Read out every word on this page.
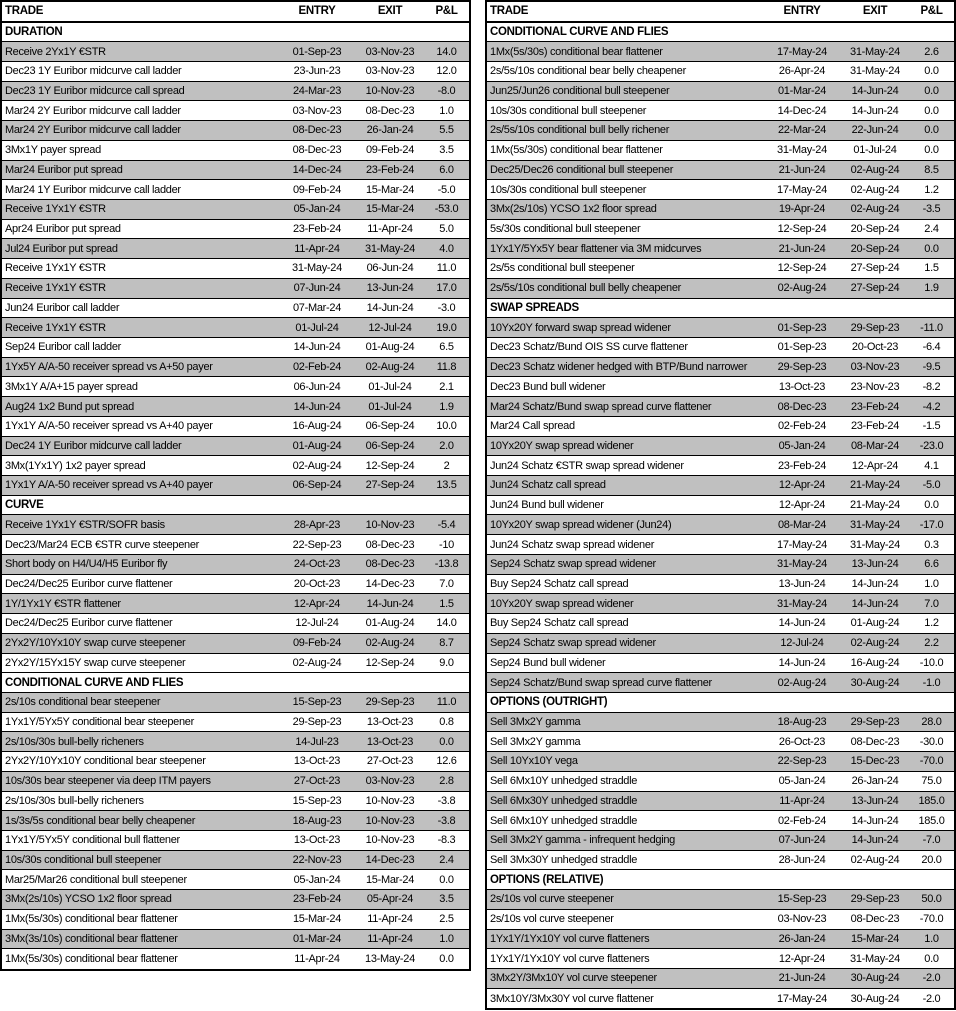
TRADE	ENTRY	EXIT	P&L
DURATION
Receive 2Yx1Y €STR	01-Sep-23	03-Nov-23	14.0
Dec23 1Y Euribor midcurve call ladder	23-Jun-23	03-Nov-23	12.0
Dec23 1Y Euribor midcurce call spread	24-Mar-23	10-Nov-23	-8.0
Mar24 2Y Euribor midcurve call ladder	03-Nov-23	08-Dec-23	1.0
Mar24 2Y Euribor midcurve call ladder	08-Dec-23	26-Jan-24	5.5
3Mx1Y payer spread	08-Dec-23	09-Feb-24	3.5
Mar24 Euribor put spread	14-Dec-24	23-Feb-24	6.0
Mar24 1Y Euribor midcurve call ladder	09-Feb-24	15-Mar-24	-5.0
Receive 1Yx1Y €STR	05-Jan-24	15-Mar-24	-53.0
Apr24 Euribor put spread	23-Feb-24	11-Apr-24	5.0
Jul24 Euribor put spread	11-Apr-24	31-May-24	4.0
Receive 1Yx1Y €STR	31-May-24	06-Jun-24	11.0
Receive 1Yx1Y €STR	07-Jun-24	13-Jun-24	17.0
Jun24 Euribor call ladder	07-Mar-24	14-Jun-24	-3.0
Receive 1Yx1Y €STR	01-Jul-24	12-Jul-24	19.0
Sep24 Euribor call ladder	14-Jun-24	01-Aug-24	6.5
1Yx5Y A/A-50 receiver spread vs A+50 payer	02-Feb-24	02-Aug-24	11.8
3Mx1Y A/A+15 payer spread	06-Jun-24	01-Jul-24	2.1
Aug24 1x2 Bund put spread	14-Jun-24	01-Jul-24	1.9
1Yx1Y A/A-50 receiver spread vs A+40 payer	16-Aug-24	06-Sep-24	10.0
Dec24 1Y Euribor midcurve call ladder	01-Aug-24	06-Sep-24	2.0
3Mx(1Yx1Y) 1x2 payer spread	02-Aug-24	12-Sep-24	2
1Yx1Y A/A-50 receiver spread vs A+40 payer	06-Sep-24	27-Sep-24	13.5
CURVE
Receive 1Yx1Y €STR/SOFR basis	28-Apr-23	10-Nov-23	-5.4
Dec23/Mar24 ECB €STR curve steepener	22-Sep-23	08-Dec-23	-10
Short body on H4/U4/H5 Euribor fly	24-Oct-23	08-Dec-23	-13.8
Dec24/Dec25 Euribor curve flattener	20-Oct-23	14-Dec-23	7.0
1Y/1Yx1Y €STR flattener	12-Apr-24	14-Jun-24	1.5
Dec24/Dec25 Euribor curve flattener	12-Jul-24	01-Aug-24	14.0
2Yx2Y/10Yx10Y swap curve steepener	09-Feb-24	02-Aug-24	8.7
2Yx2Y/15Yx15Y swap curve steepener	02-Aug-24	12-Sep-24	9.0
CONDITIONAL CURVE AND FLIES
2s/10s conditional bear steepener	15-Sep-23	29-Sep-23	11.0
1Yx1Y/5Yx5Y conditional bear steepener	29-Sep-23	13-Oct-23	0.8
2s/10s/30s bull-belly richeners	14-Jul-23	13-Oct-23	0.0
2Yx2Y/10Yx10Y conditional bear steepener	13-Oct-23	27-Oct-23	12.6
10s/30s bear steepener via deep ITM payers	27-Oct-23	03-Nov-23	2.8
2s/10s/30s bull-belly richeners	15-Sep-23	10-Nov-23	-3.8
1s/3s/5s conditional bear belly cheapener	18-Aug-23	10-Nov-23	-3.8
1Yx1Y/5Yx5Y conditional bull flattener	13-Oct-23	10-Nov-23	-8.3
10s/30s conditional bull steepener	22-Nov-23	14-Dec-23	2.4
Mar25/Mar26 conditional bull steepener	05-Jan-24	15-Mar-24	0.0
3Mx(2s/10s) YCSO 1x2 floor spread	23-Feb-24	05-Apr-24	3.5
1Mx(5s/30s) conditional bear flattener	15-Mar-24	11-Apr-24	2.5
3Mx(3s/10s) conditional bear flattener	01-Mar-24	11-Apr-24	1.0
1Mx(5s/30s) conditional bear flattener	11-Apr-24	13-May-24	0.0
TRADE	ENTRY	EXIT	P&L
CONDITIONAL CURVE AND FLIES
1Mx(5s/30s) conditional bear flattener	17-May-24	31-May-24	2.6
2s/5s/10s conditional bear belly cheapener	26-Apr-24	31-May-24	0.0
Jun25/Jun26 conditional bull steepener	01-Mar-24	14-Jun-24	0.0
10s/30s conditional bull steepener	14-Dec-24	14-Jun-24	0.0
2s/5s/10s conditional bull belly richener	22-Mar-24	22-Jun-24	0.0
1Mx(5s/30s) conditional bear flattener	31-May-24	01-Jul-24	0.0
Dec25/Dec26 conditional bull steepener	21-Jun-24	02-Aug-24	8.5
10s/30s conditional bull steepener	17-May-24	02-Aug-24	1.2
3Mx(2s/10s) YCSO 1x2 floor spread	19-Apr-24	02-Aug-24	-3.5
5s/30s conditional bull steepener	12-Sep-24	20-Sep-24	2.4
1Yx1Y/5Yx5Y bear flattener via 3M midcurves	21-Jun-24	20-Sep-24	0.0
2s/5s conditional bull steepener	12-Sep-24	27-Sep-24	1.5
2s/5s/10s conditional bull belly cheapener	02-Aug-24	27-Sep-24	1.9
SWAP SPREADS
10Yx20Y forward swap spread widener	01-Sep-23	29-Sep-23	-11.0
Dec23 Schatz/Bund OIS SS curve flattener	01-Sep-23	20-Oct-23	-6.4
Dec23 Schatz widener hedged with BTP/Bund narrower	29-Sep-23	03-Nov-23	-9.5
Dec23 Bund bull widener	13-Oct-23	23-Nov-23	-8.2
Mar24 Schatz/Bund swap spread curve flattener	08-Dec-23	23-Feb-24	-4.2
Mar24 Call spread	02-Feb-24	23-Feb-24	-1.5
10Yx20Y swap spread widener	05-Jan-24	08-Mar-24	-23.0
Jun24 Schatz €STR swap spread widener	23-Feb-24	12-Apr-24	4.1
Jun24 Schatz call spread	12-Apr-24	21-May-24	-5.0
Jun24 Bund bull widener	12-Apr-24	21-May-24	0.0
10Yx20Y swap spread widener (Jun24)	08-Mar-24	31-May-24	-17.0
Jun24 Schatz swap spread widener	17-May-24	31-May-24	0.3
Sep24 Schatz swap spread widener	31-May-24	13-Jun-24	6.6
Buy Sep24 Schatz call spread	13-Jun-24	14-Jun-24	1.0
10Yx20Y swap spread widener	31-May-24	14-Jun-24	7.0
Buy Sep24 Schatz call spread	14-Jun-24	01-Aug-24	1.2
Sep24 Schatz swap spread widener	12-Jul-24	02-Aug-24	2.2
Sep24 Bund bull widener	14-Jun-24	16-Aug-24	-10.0
Sep24 Schatz/Bund swap spread curve flattener	02-Aug-24	30-Aug-24	-1.0
OPTIONS (OUTRIGHT)
Sell 3Mx2Y gamma	18-Aug-23	29-Sep-23	28.0
Sell 3Mx2Y gamma	26-Oct-23	08-Dec-23	-30.0
Sell 10Yx10Y vega	22-Sep-23	15-Dec-23	-70.0
Sell 6Mx10Y unhedged straddle	05-Jan-24	26-Jan-24	75.0
Sell 6Mx30Y unhedged straddle	11-Apr-24	13-Jun-24	185.0
Sell 6Mx10Y unhedged straddle	02-Feb-24	14-Jun-24	185.0
Sell 3Mx2Y gamma - infrequent hedging	07-Jun-24	14-Jun-24	-7.0
Sell 3Mx30Y unhedged straddle	28-Jun-24	02-Aug-24	20.0
OPTIONS (RELATIVE)
2s/10s vol curve steepener	15-Sep-23	29-Sep-23	50.0
2s/10s vol curve steepener	03-Nov-23	08-Dec-23	-70.0
1Yx1Y/1Yx10Y vol curve flatteners	26-Jan-24	15-Mar-24	1.0
1Yx1Y/1Yx10Y vol curve flatteners	12-Apr-24	31-May-24	0.0
3Mx2Y/3Mx10Y vol curve steepener	21-Jun-24	30-Aug-24	-2.0
3Mx10Y/3Mx30Y vol curve flattener	17-May-24	30-Aug-24	-2.0
